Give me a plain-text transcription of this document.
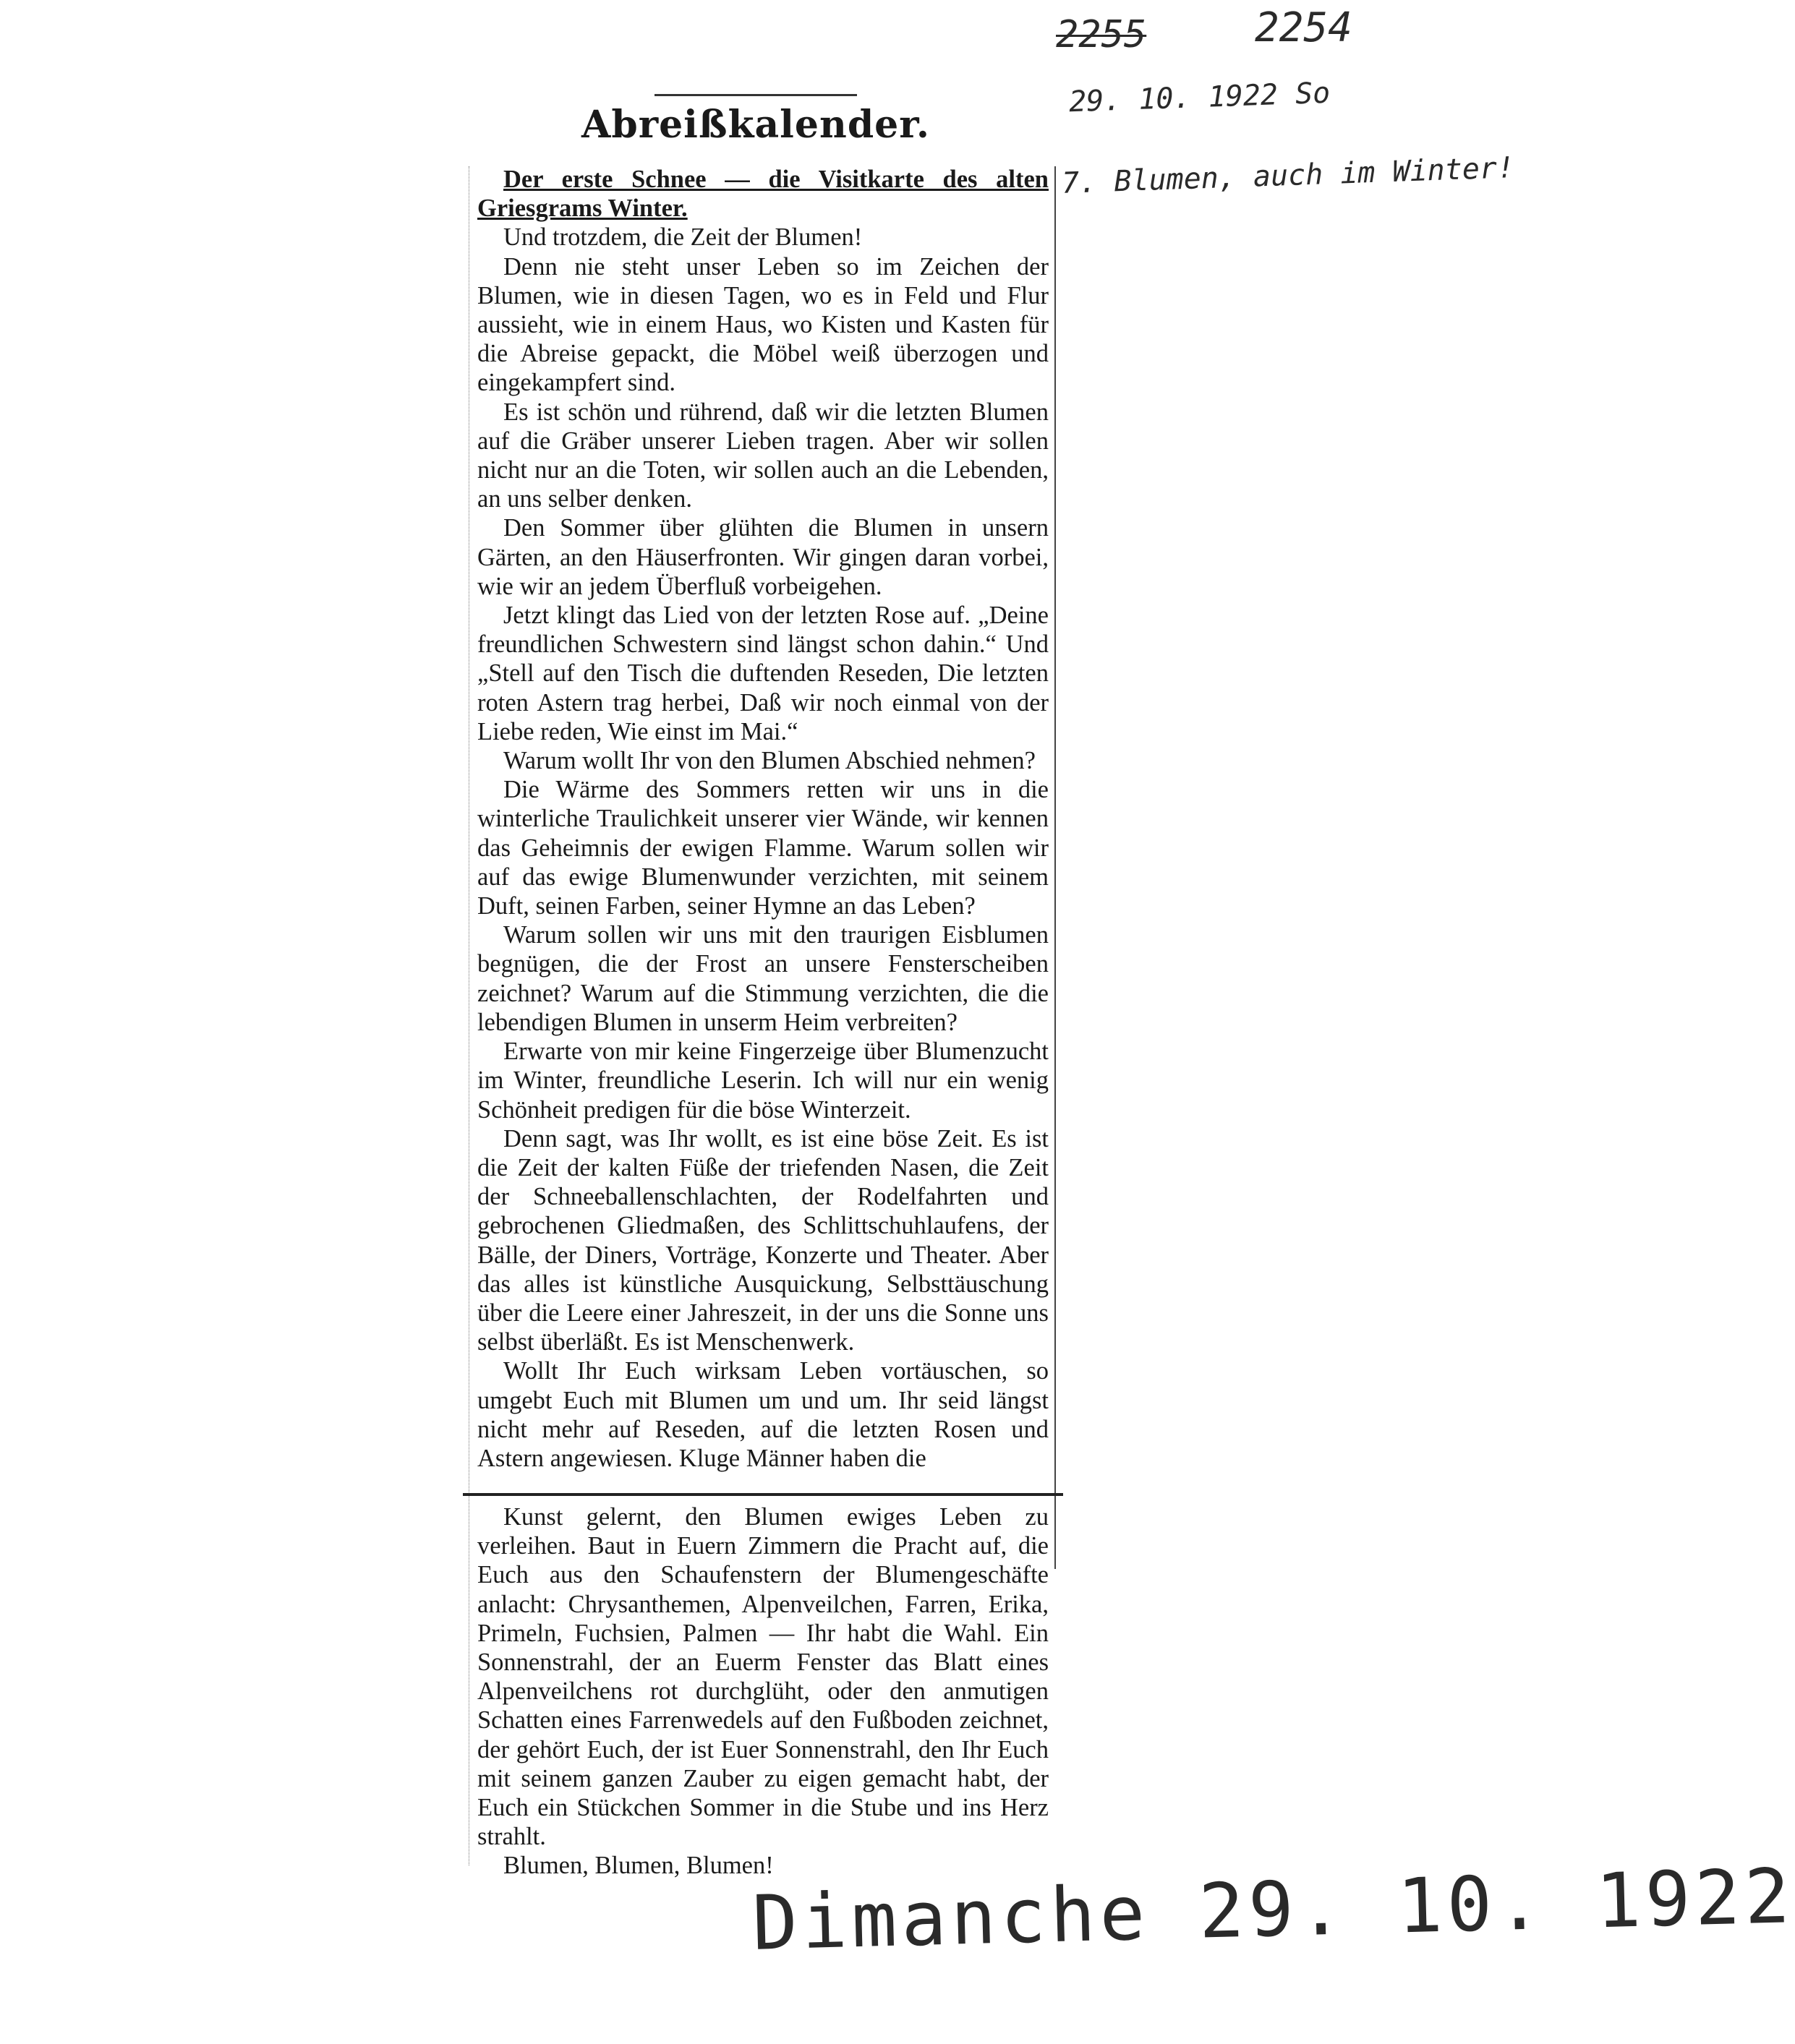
2255	2254
29. 10. 1922 So
7. Blumen, auch im Winter!
Abreißkalender.

Der erste Schnee — die Visitkarte des alten Griesgrams Winter.

Und trotzdem, die Zeit der Blumen!

Denn nie steht unser Leben so im Zeichen der Blumen, wie in diesen Tagen, wo es in Feld und Flur aussieht, wie in einem Haus, wo Kisten und Kasten für die Abreise gepackt, die Möbel weiß überzogen und eingekampfert sind.

Es ist schön und rührend, daß wir die letzten Blumen auf die Gräber unserer Lieben tragen. Aber wir sollen nicht nur an die Toten, wir sollen auch an die Lebenden, an uns selber denken.

Den Sommer über glühten die Blumen in unsern Gärten, an den Häuserfronten. Wir gingen daran vorbei, wie wir an jedem Überfluß vorbeigehen.

Jetzt klingt das Lied von der letzten Rose auf. „Deine freundlichen Schwestern sind längst schon dahin.“ Und „Stell auf den Tisch die duftenden Reseden, Die letzten roten Astern trag herbei, Daß wir noch einmal von der Liebe reden, Wie einst im Mai.“

Warum wollt Ihr von den Blumen Abschied nehmen?

Die Wärme des Sommers retten wir uns in die winterliche Traulichkeit unserer vier Wände, wir kennen das Geheimnis der ewigen Flamme. Warum sollen wir auf das ewige Blumenwunder verzichten, mit seinem Duft, seinen Farben, seiner Hymne an das Leben?

Warum sollen wir uns mit den traurigen Eisblumen begnügen, die der Frost an unsere Fensterscheiben zeichnet? Warum auf die Stimmung verzichten, die die lebendigen Blumen in unserm Heim verbreiten?

Erwarte von mir keine Fingerzeige über Blumenzucht im Winter, freundliche Leserin. Ich will nur ein wenig Schönheit predigen für die böse Winterzeit.

Denn sagt, was Ihr wollt, es ist eine böse Zeit. Es ist die Zeit der kalten Füße der triefenden Nasen, die Zeit der Schneeballenschlachten, der Rodelfahrten und gebrochenen Gliedmaßen, des Schlittschuhlaufens, der Bälle, der Diners, Vorträge, Konzerte und Theater. Aber das alles ist künstliche Ausquickung, Selbsttäuschung über die Leere einer Jahreszeit, in der uns die Sonne uns selbst überläßt. Es ist Menschenwerk.

Wollt Ihr Euch wirksam Leben vortäuschen, so umgebt Euch mit Blumen um und um. Ihr seid längst nicht mehr auf Reseden, auf die letzten Rosen und Astern angewiesen. Kluge Männer haben die

Kunst gelernt, den Blumen ewiges Leben zu verleihen. Baut in Euern Zimmern die Pracht auf, die Euch aus den Schaufenstern der Blumengeschäfte anlacht: Chrysanthemen, Alpenveilchen, Farren, Erika, Primeln, Fuchsien, Palmen — Ihr habt die Wahl. Ein Sonnenstrahl, der an Euerm Fenster das Blatt eines Alpenveilchens rot durchglüht, oder den anmutigen Schatten eines Farrenwedels auf den Fußboden zeichnet, der gehört Euch, der ist Euer Sonnenstrahl, den Ihr Euch mit seinem ganzen Zauber zu eigen gemacht habt, der Euch ein Stückchen Sommer in die Stube und ins Herz strahlt.

Blumen, Blumen, Blumen!

Dimanche 29. 10. 1922
